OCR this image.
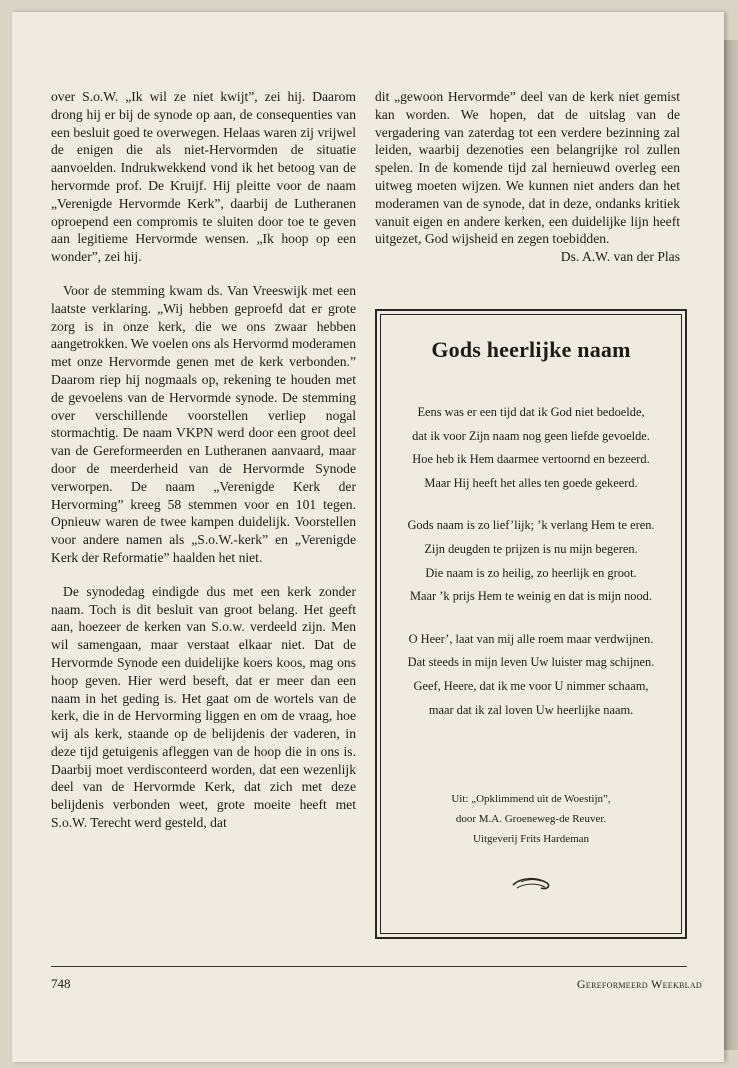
over S.o.W. „Ik wil ze niet kwijt”, zei hij. Daarom drong hij er bij de synode op aan, de consequenties van een besluit goed te overwegen. Helaas waren zij vrijwel de enigen die als niet-Hervormden de situatie aanvoelden. Indrukwekkend vond ik het betoog van de hervormde prof. De Kruijf. Hij pleitte voor de naam „Verenigde Hervormde Kerk”, daarbij de Lutheranen oproepend een compromis te sluiten door toe te geven aan legitieme Hervormde wensen. „Ik hoop op een wonder”, zei hij.

Voor de stemming kwam ds. Van Vreeswijk met een laatste verklaring. „Wij hebben geproefd dat er grote zorg is in onze kerk, die we ons zwaar hebben aangetrokken. We voelen ons als Hervormd moderamen met onze Hervormde genen met de kerk verbonden.” Daarom riep hij nogmaals op, rekening te houden met de gevoelens van de Hervormde synode. De stemming over verschillende voorstellen verliep nogal stormachtig. De naam VKPN werd door een groot deel van de Gereformeerden en Lutheranen aanvaard, maar door de meerderheid van de Hervormde Synode verworpen. De naam „Verenigde Kerk der Hervorming” kreeg 58 stemmen voor en 101 tegen. Opnieuw waren de twee kampen duidelijk. Voorstellen voor andere namen als „S.o.W.-kerk” en „Verenigde Kerk der Reformatie” haalden het niet.

De synodedag eindigde dus met een kerk zonder naam. Toch is dit besluit van groot belang. Het geeft aan, hoezeer de kerken van S.o.w. verdeeld zijn. Men wil samengaan, maar verstaat elkaar niet. Dat de Hervormde Synode een duidelijke koers koos, mag ons hoop geven. Hier werd beseft, dat er meer dan een naam in het geding is. Het gaat om de wortels van de kerk, die in de Hervorming liggen en om de vraag, hoe wij als kerk, staande op de belijdenis der vaderen, in deze tijd getuigenis afleggen van de hoop die in ons is. Daarbij moet verdisconteerd worden, dat een wezenlijk deel van de Hervormde Kerk, dat zich met deze belijdenis verbonden weet, grote moeite heeft met S.o.W. Terecht werd gesteld, dat

dit „gewoon Hervormde” deel van de kerk niet gemist kan worden. We hopen, dat de uitslag van de vergadering van zaterdag tot een verdere bezinning zal leiden, waarbij dezenoties een belangrijke rol zullen spelen. In de komende tijd zal hernieuwd overleg een uitweg moeten wijzen. We kunnen niet anders dan het moderamen van de synode, dat in deze, ondanks kritiek vanuit eigen en andere kerken, een duidelijke lijn heeft uitgezet, God wijsheid en zegen toebidden.

Ds. A.W. van der Plas

Gods heerlijke naam
Eens was er een tijd dat ik God niet bedoelde,
dat ik voor Zijn naam nog geen liefde gevoelde.
Hoe heb ik Hem daarmee vertoornd en bezeerd.
Maar Hij heeft het alles ten goede gekeerd.
Gods naam is zo lief’lijk; ’k verlang Hem te eren.
Zijn deugden te prijzen is nu mijn begeren.
Die naam is zo heilig, zo heerlijk en groot.
Maar ’k prijs Hem te weinig en dat is mijn nood.
O Heer’, laat van mij alle roem maar verdwijnen.
Dat steeds in mijn leven Uw luister mag schijnen.
Geef, Heere, dat ik me voor U nimmer schaam,
maar dat ik zal loven Uw heerlijke naam.
Uit: „Opklimmend uit de Woestijn”,
door M.A. Groeneweg-de Reuver.
Uitgeverij Frits Hardeman
748	Gereformeerd Weekblad
